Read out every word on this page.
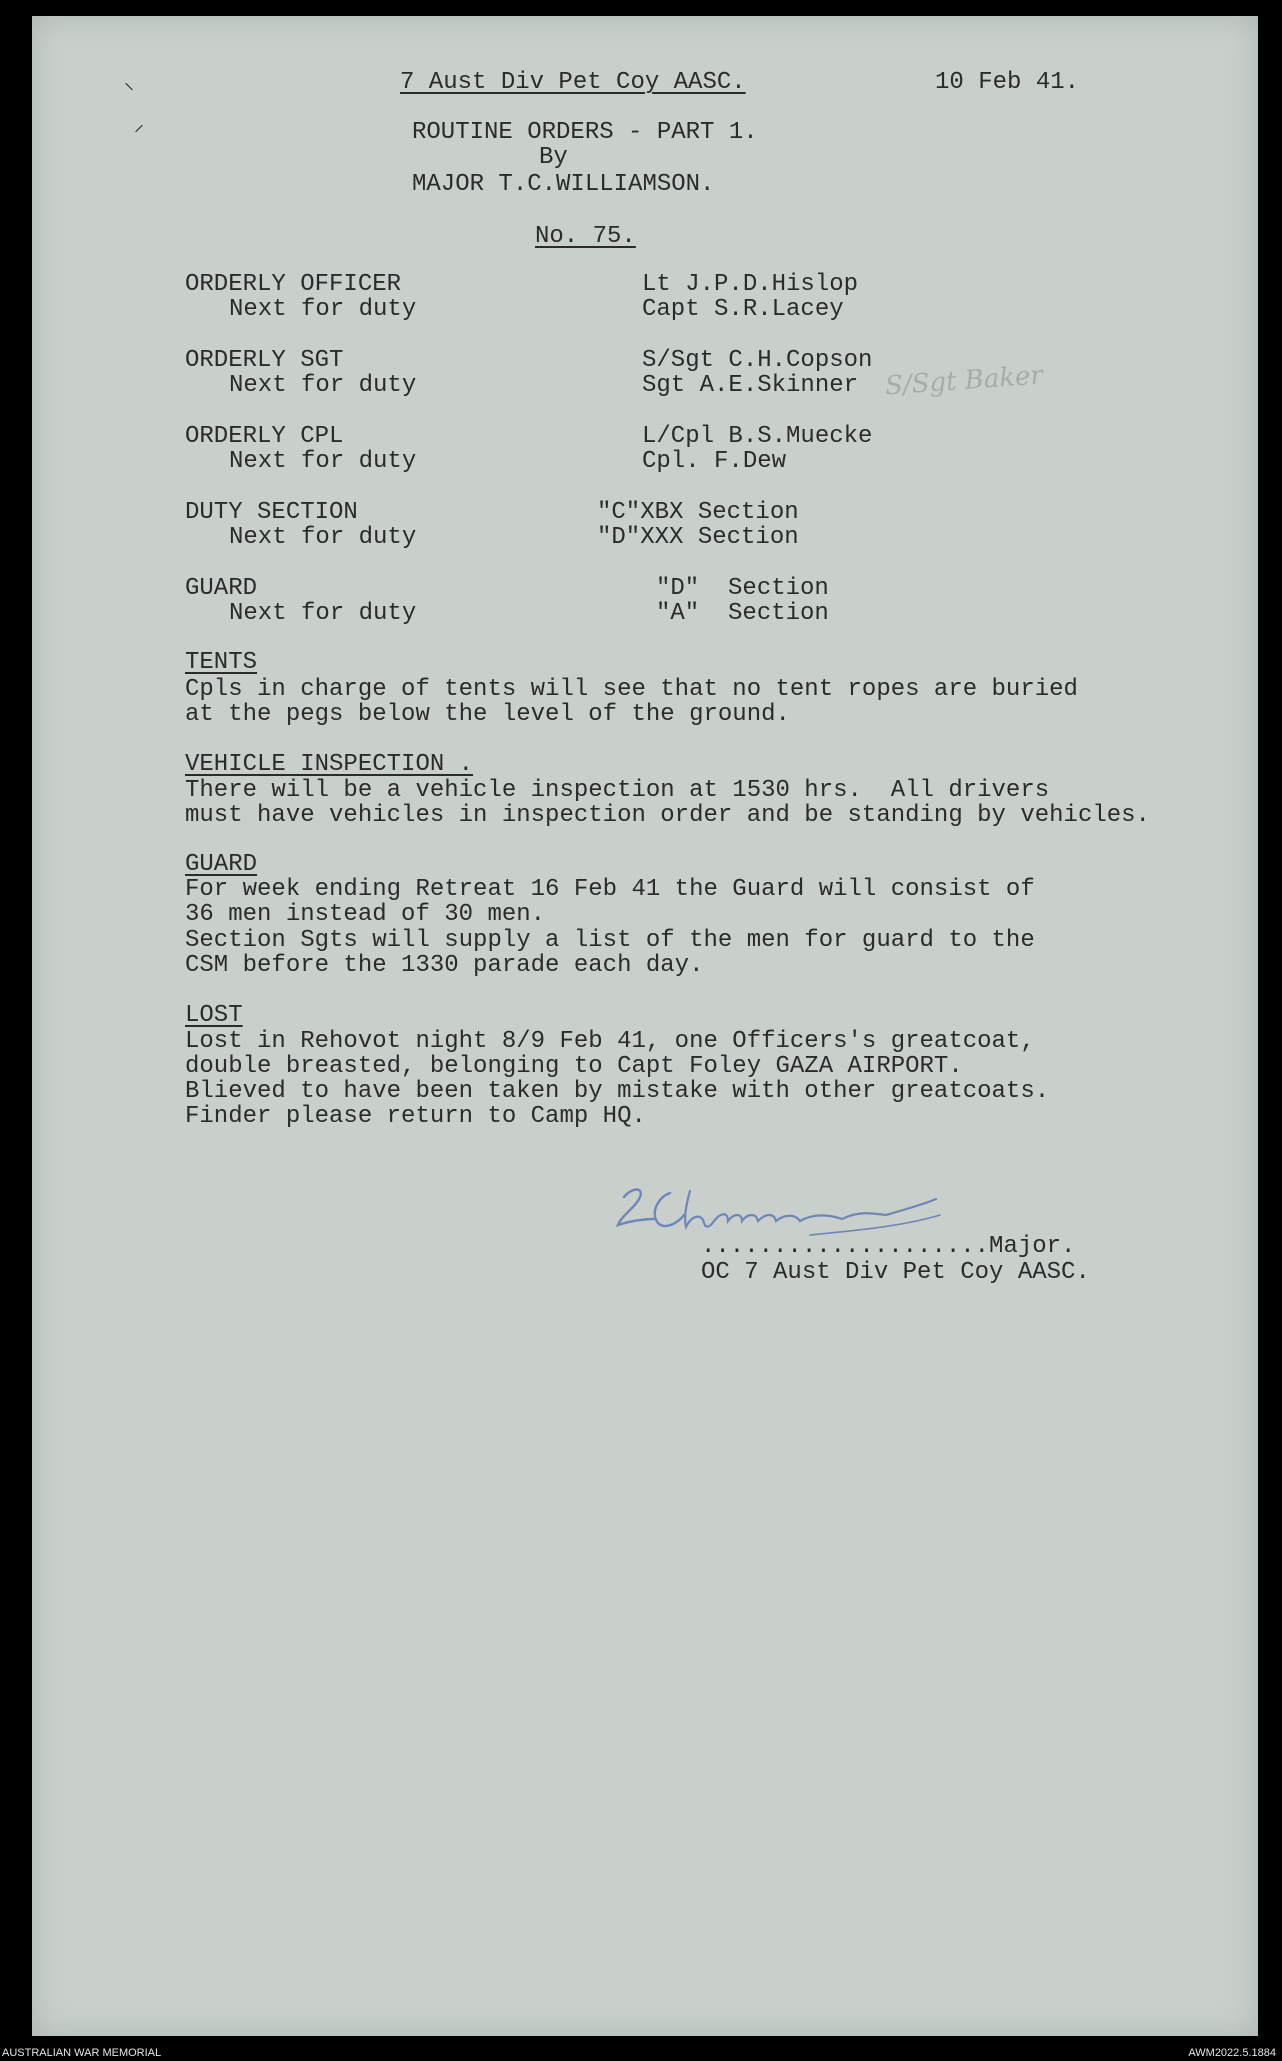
⸌
⸍
7 Aust Div Pet Coy AASC.	10 Feb 41.
ROUTINE ORDERS - PART 1.
By
MAJOR T.C.WILLIAMSON.
No. 75.
ORDERLY OFFICER	Lt J.P.D.Hislop
Next for duty	Capt S.R.Lacey
ORDERLY SGT	S/Sgt C.H.Copson
Next for duty	Sgt A.E.Skinner
ORDERLY CPL	L/Cpl B.S.Muecke
Next for duty	Cpl. F.Dew
DUTY SECTION	"C"XBX Section
Next for duty	"D"XXX Section
GUARD	"D"  Section
Next for duty	"A"  Section
S/Sgt Baker
TENTS
Cpls in charge of tents will see that no tent ropes are buried
at the pegs below the level of the ground.
VEHICLE INSPECTION .
There will be a vehicle inspection at 1530 hrs.  All drivers
must have vehicles in inspection order and be standing by vehicles.
GUARD
For week ending Retreat 16 Feb 41 the Guard will consist of
36 men instead of 30 men.
Section Sgts will supply a list of the men for guard to the
CSM before the 1330 parade each day.
LOST
Lost in Rehovot night 8/9 Feb 41, one Officers's greatcoat,
double breasted, belonging to Capt Foley GAZA AIRPORT.
Blieved to have been taken by mistake with other greatcoats.
Finder please return to Camp HQ.
....................Major.
OC 7 Aust Div Pet Coy AASC.
AUSTRALIAN WAR MEMORIAL	AWM2022.5.1884
